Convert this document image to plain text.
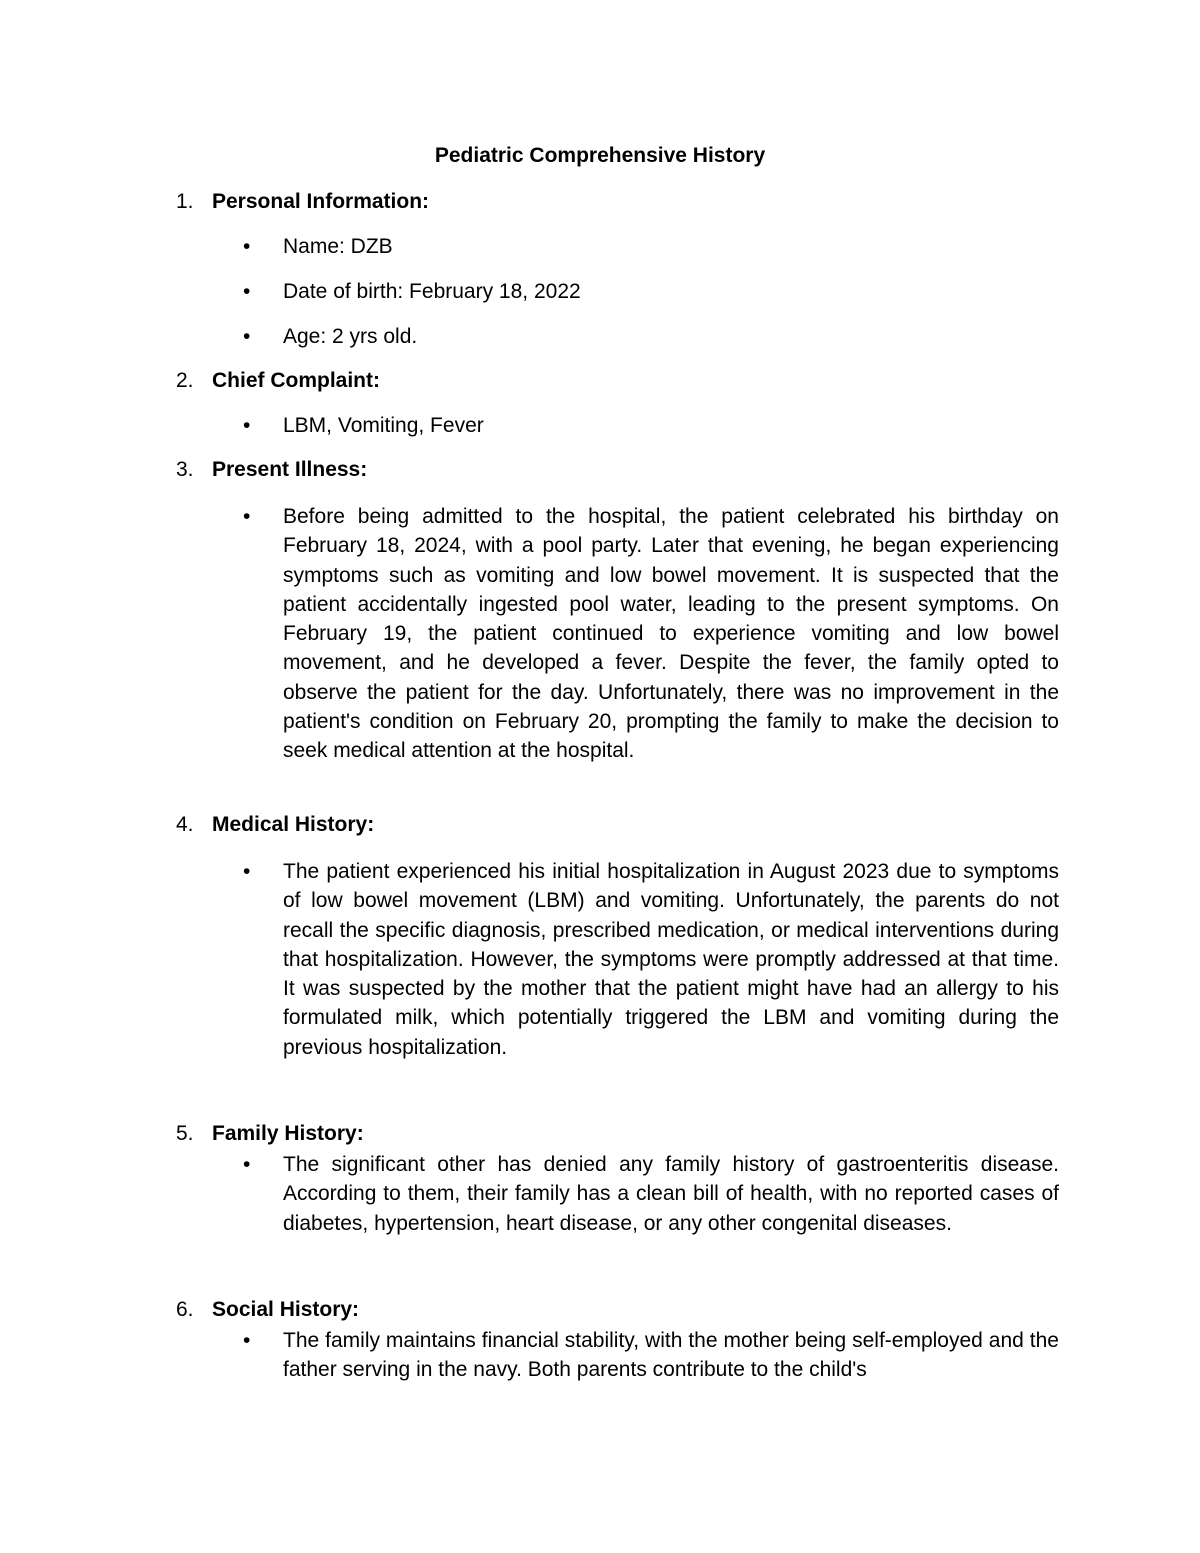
Pediatric Comprehensive History
1. Personal Information:
•	Name: DZB
•	Date of birth: February 18, 2022
•	Age: 2 yrs old.
2. Chief Complaint:
•	LBM, Vomiting, Fever
3. Present Illness:
•	Before being admitted to the hospital, the patient celebrated his birthday on February 18, 2024, with a pool party. Later that evening, he began experiencing symptoms such as vomiting and low bowel movement. It is suspected that the patient accidentally ingested pool water, leading to the present symptoms. On February 19, the patient continued to experience vomiting and low bowel movement, and he developed a fever. Despite the fever, the family opted to observe the patient for the day. Unfortunately, there was no improvement in the patient's condition on February 20, prompting the family to make the decision to seek medical attention at the hospital.
4. Medical History:
•	The patient experienced his initial hospitalization in August 2023 due to symptoms of low bowel movement (LBM) and vomiting. Unfortunately, the parents do not recall the specific diagnosis, prescribed medication, or medical interventions during that hospitalization. However, the symptoms were promptly addressed at that time. It was suspected by the mother that the patient might have had an allergy to his formulated milk, which potentially triggered the LBM and vomiting during the previous hospitalization.
5. Family History:
•	The significant other has denied any family history of gastroenteritis disease. According to them, their family has a clean bill of health, with no reported cases of diabetes, hypertension, heart disease, or any other congenital diseases.
6. Social History:
•	The family maintains financial stability, with the mother being self-employed and the father serving in the navy. Both parents contribute to the child's
